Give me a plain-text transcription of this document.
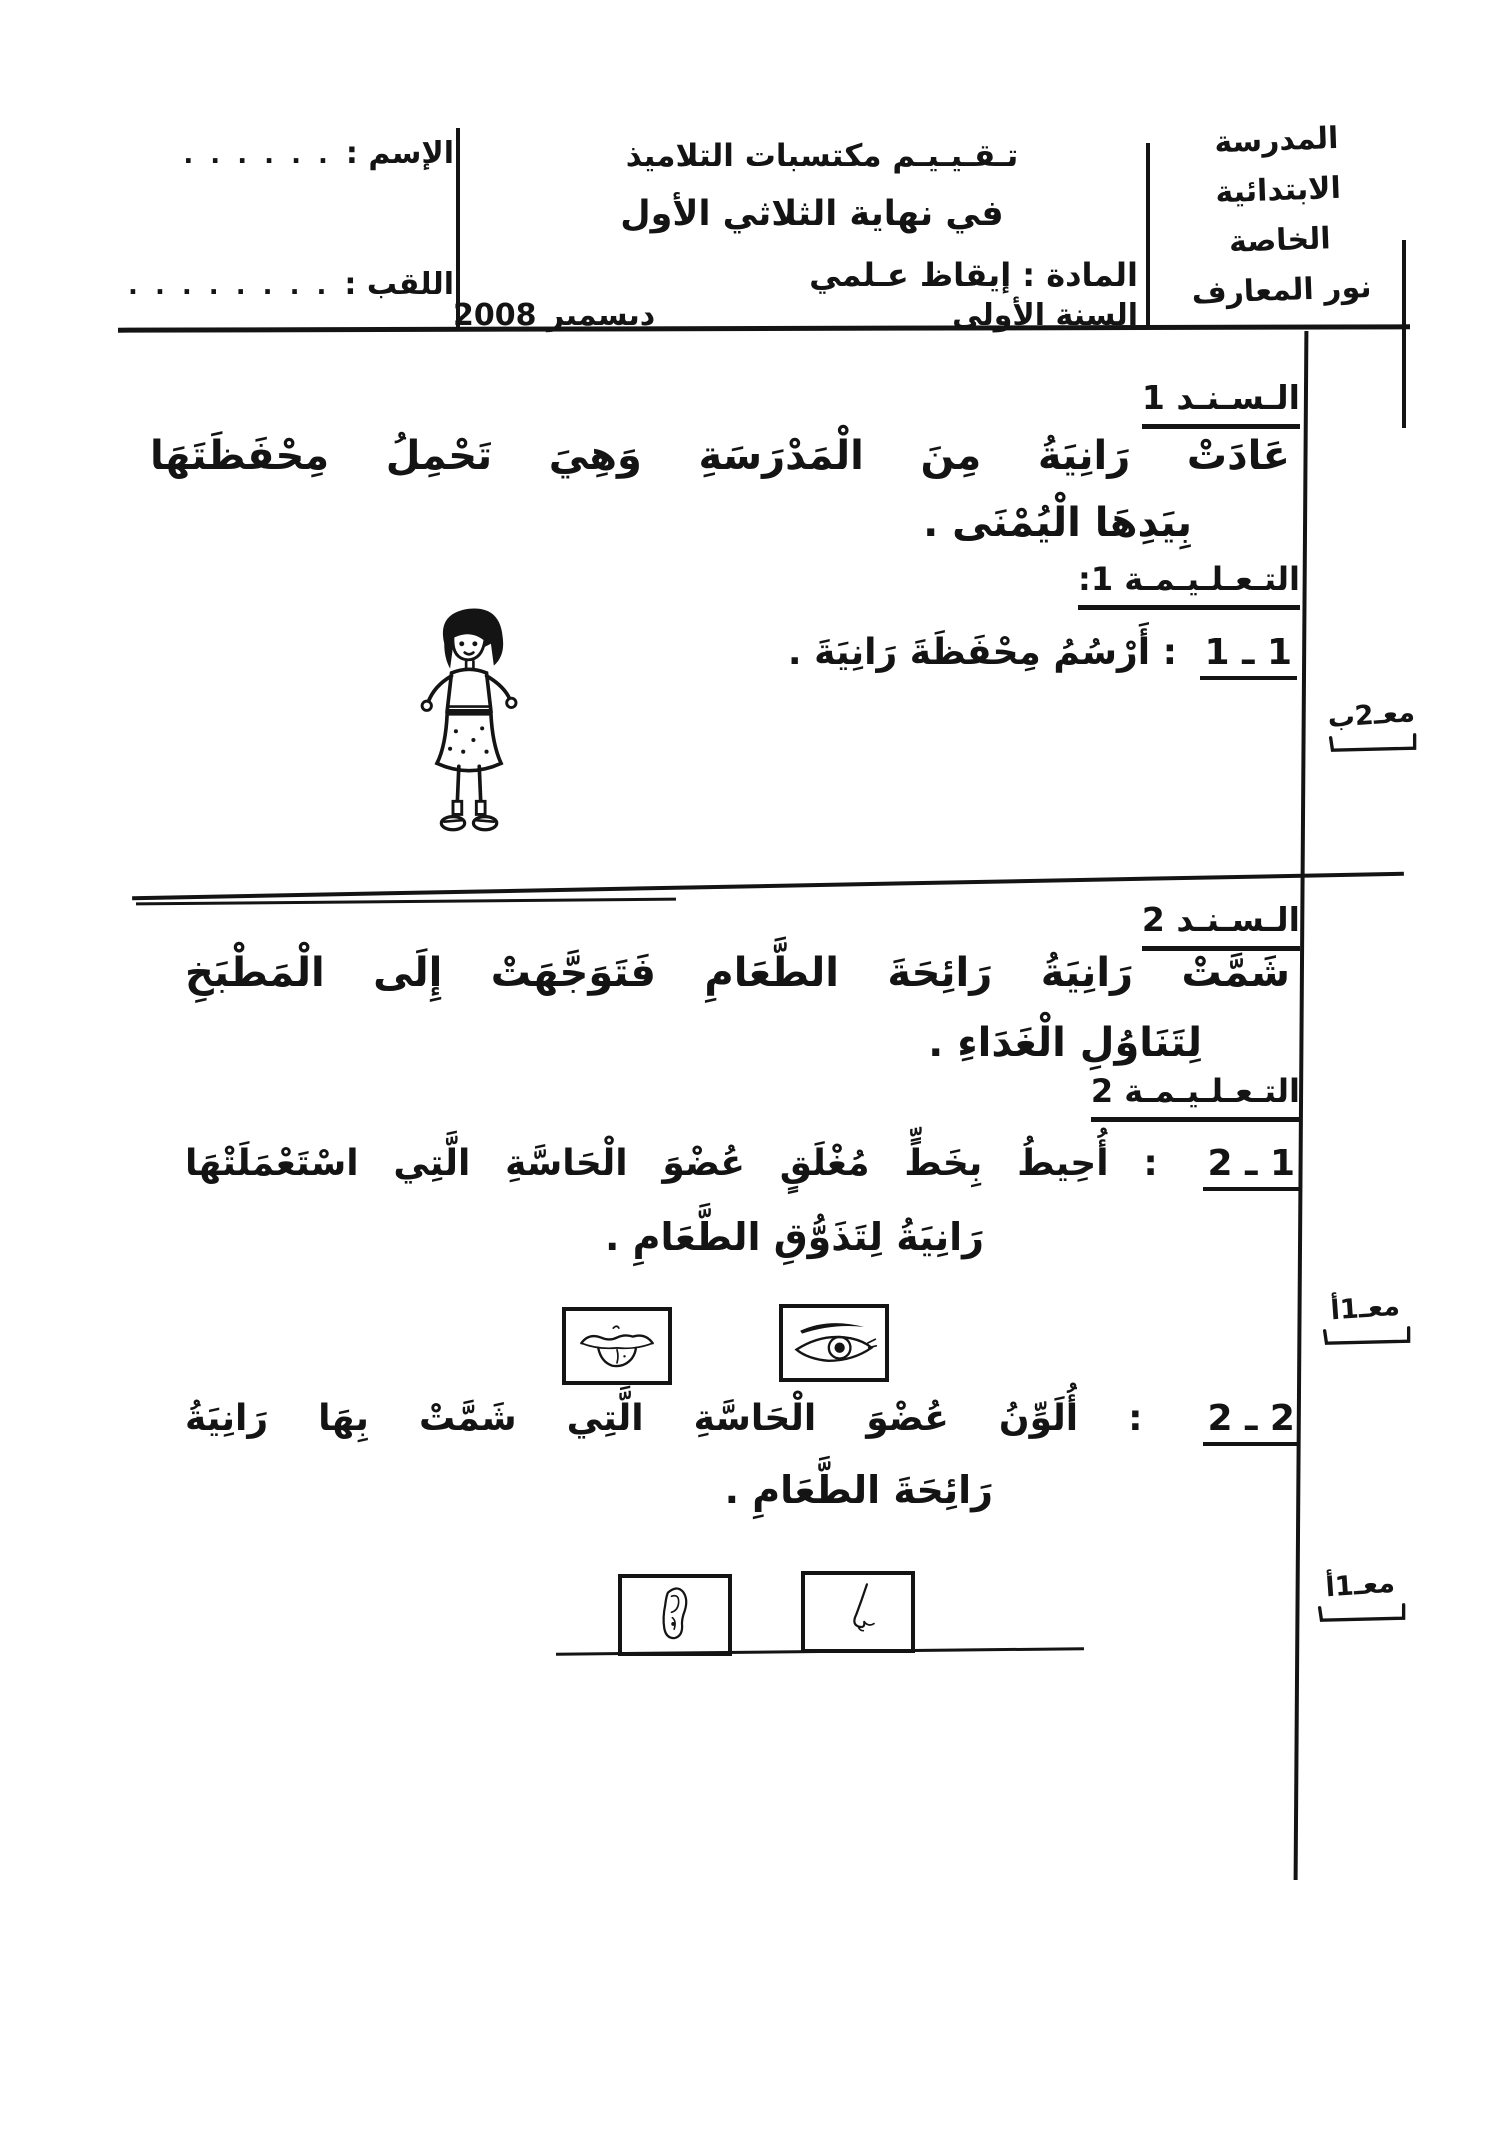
المدرسة
الابتدائية
الخاصة
نور المعارف
تـقـيـيـم مكتسبات التلاميذ
في نهاية الثلاثي الأول
المادة : إيقاظ عـلمي
السنة الأولى
ديسمبر 2008
الإسم :
. . . . . .
اللقب :
. . . . . . . .
الـسـنـد 1
عَادَتْ رَانِيَةُ مِنَ الْمَدْرَسَةِ وَهِيَ تَحْمِلُ مِحْفَظَتَهَا
بِيَدِهَا الْيُمْنَى .
التـعـلـيـمـة 1:
1 ـ 1 : أَرْسُمُ مِحْفَظَةَ رَانِيَةَ .
معـ2ب
الـسـنـد 2
شَمَّتْ رَانِيَةُ رَائِحَةَ الطَّعَامِ فَتَوَجَّهَتْ إِلَى الْمَطْبَخِ
لِتَنَاوُلِ الْغَدَاءِ .
التـعـلـيـمـة 2
1 ـ 2 : أُحِيطُ بِخَطٍّ مُغْلَقٍ عُضْوَ الْحَاسَّةِ الَّتِي اسْتَعْمَلَتْهَا
رَانِيَةُ لِتَذَوُّقِ الطَّعَامِ .
معـ1أ
2 ـ 2 : أُلَوِّنُ عُضْوَ الْحَاسَّةِ الَّتِي شَمَّتْ بِهَا رَانِيَةُ
رَائِحَةَ الطَّعَامِ .
معـ1أ
